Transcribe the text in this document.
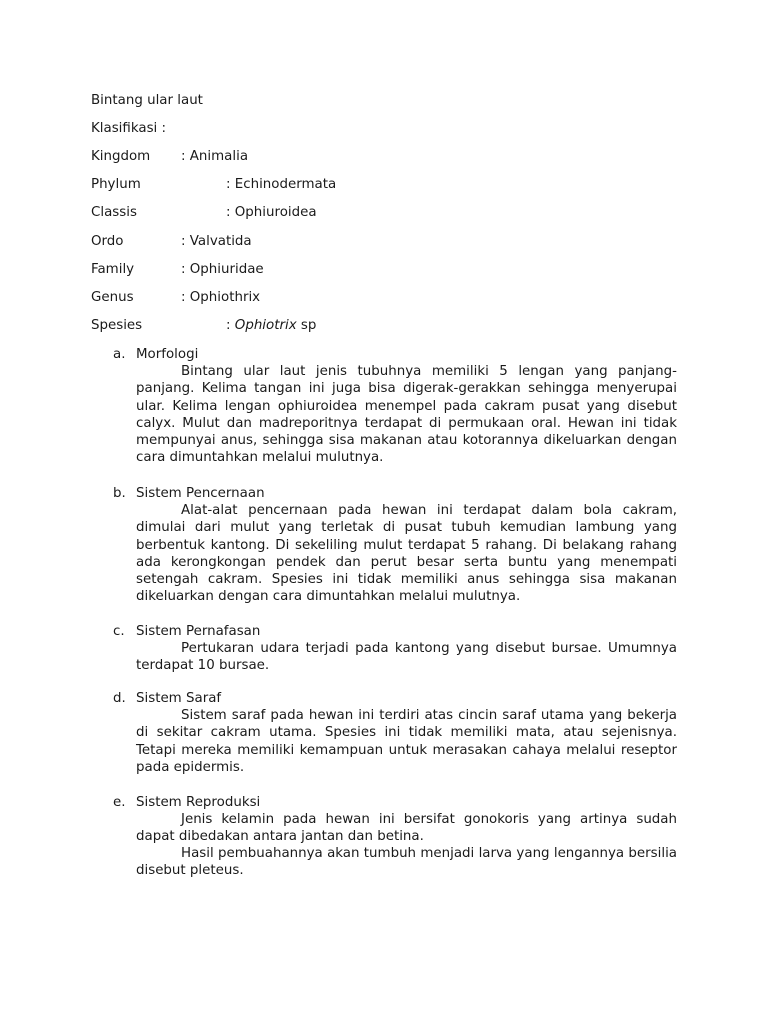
Bintang ular laut
Klasifikasi :
Kingdom : Animalia
Phylum	: Echinodermata
Classis	: Ophiuroidea
Ordo	: Valvatida
Family	: Ophiuridae
Genus	: Ophiothrix
Spesies	: Ophiotrix sp
a. Morfologi

Bintang ular laut jenis tubuhnya memiliki 5 lengan yang panjang-panjang. Kelima tangan ini juga bisa digerak-gerakkan sehingga menyerupai ular. Kelima lengan ophiuroidea menempel pada cakram pusat yang disebut calyx. Mulut dan madreporitnya terdapat di permukaan oral. Hewan ini tidak mempunyai anus, sehingga sisa makanan atau kotorannya dikeluarkan dengan cara dimuntahkan melalui mulutnya.

b. Sistem Pencernaan

Alat-alat pencernaan pada hewan ini terdapat dalam bola cakram, dimulai dari mulut yang terletak di pusat tubuh kemudian lambung yang berbentuk kantong. Di sekeliling mulut terdapat 5 rahang. Di belakang rahang ada kerongkongan pendek dan perut besar serta buntu yang menempati setengah cakram. Spesies ini tidak memiliki anus sehingga sisa makanan dikeluarkan dengan cara dimuntahkan melalui mulutnya.

c. Sistem Pernafasan

Pertukaran udara terjadi pada kantong yang disebut bursae. Umumnya terdapat 10 bursae.

d. Sistem Saraf

Sistem saraf pada hewan ini terdiri atas cincin saraf utama yang bekerja di sekitar cakram utama. Spesies ini tidak memiliki mata, atau sejenisnya. Tetapi mereka memiliki kemampuan untuk merasakan cahaya melalui reseptor pada epidermis.

e. Sistem Reproduksi

Jenis kelamin pada hewan ini bersifat gonokoris yang artinya sudah dapat dibedakan antara jantan dan betina.

Hasil pembuahannya akan tumbuh menjadi larva yang lengannya bersilia disebut pleteus.
